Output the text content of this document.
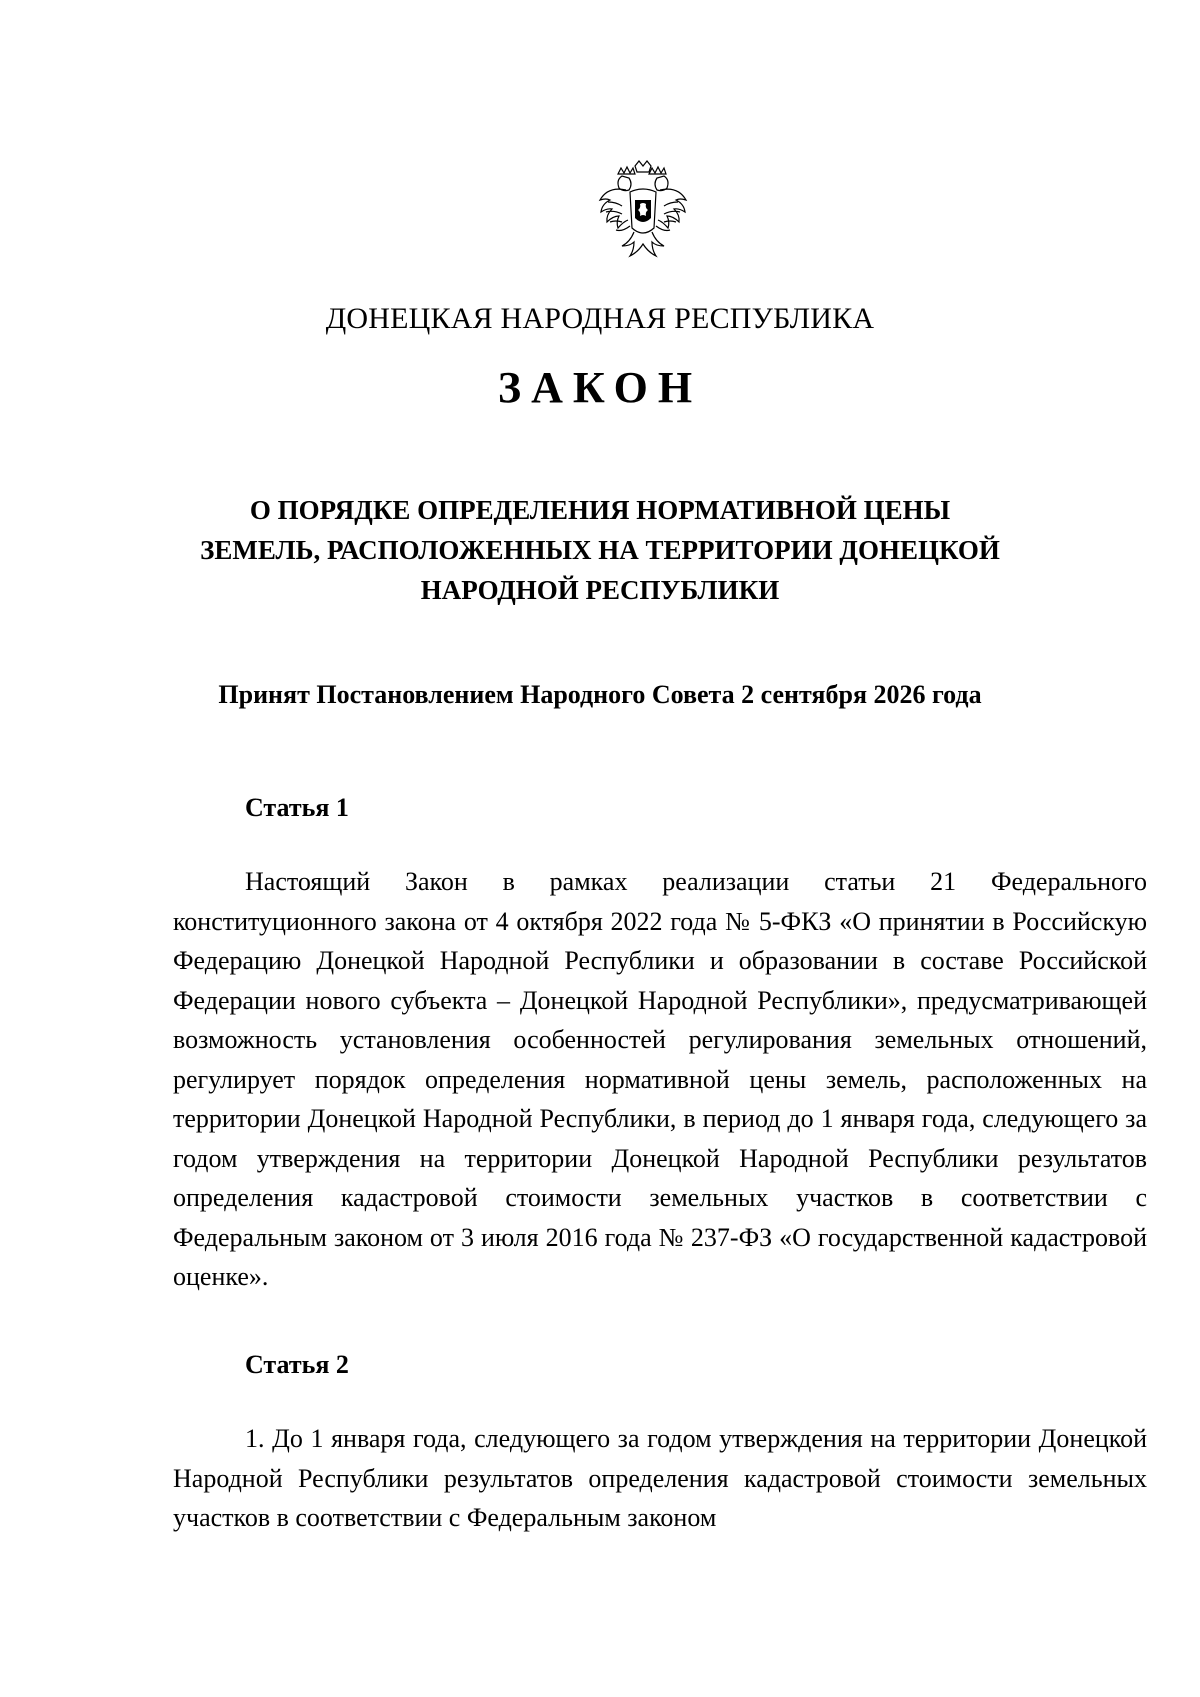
ДОНЕЦКАЯ НАРОДНАЯ РЕСПУБЛИКА
ЗАКОН
О ПОРЯДКЕ ОПРЕДЕЛЕНИЯ НОРМАТИВНОЙ ЦЕНЫ
ЗЕМЕЛЬ, РАСПОЛОЖЕННЫХ НА ТЕРРИТОРИИ ДОНЕЦКОЙ
НАРОДНОЙ РЕСПУБЛИКИ
Принят Постановлением Народного Совета 2 сентября 2026 года
Статья 1
Настоящий Закон в рамках реализации статьи 21 Федерального конституционного закона от 4 октября 2022 года № 5-ФКЗ «О принятии в Российскую Федерацию Донецкой Народной Республики и образовании в составе Российской Федерации нового субъекта – Донецкой Народной Республики», предусматривающей возможность установления особенностей регулирования земельных отношений, регулирует порядок определения нормативной цены земель, расположенных на территории Донецкой Народной Республики, в период до 1 января года, следующего за годом утверждения на территории Донецкой Народной Республики результатов определения кадастровой стоимости земельных участков в соответствии с Федеральным законом от 3 июля 2016 года № 237-ФЗ «О государственной кадастровой оценке».
Статья 2
1. До 1 января года, следующего за годом утверждения на территории Донецкой Народной Республики результатов определения кадастровой стоимости земельных участков в соответствии с Федеральным законом
